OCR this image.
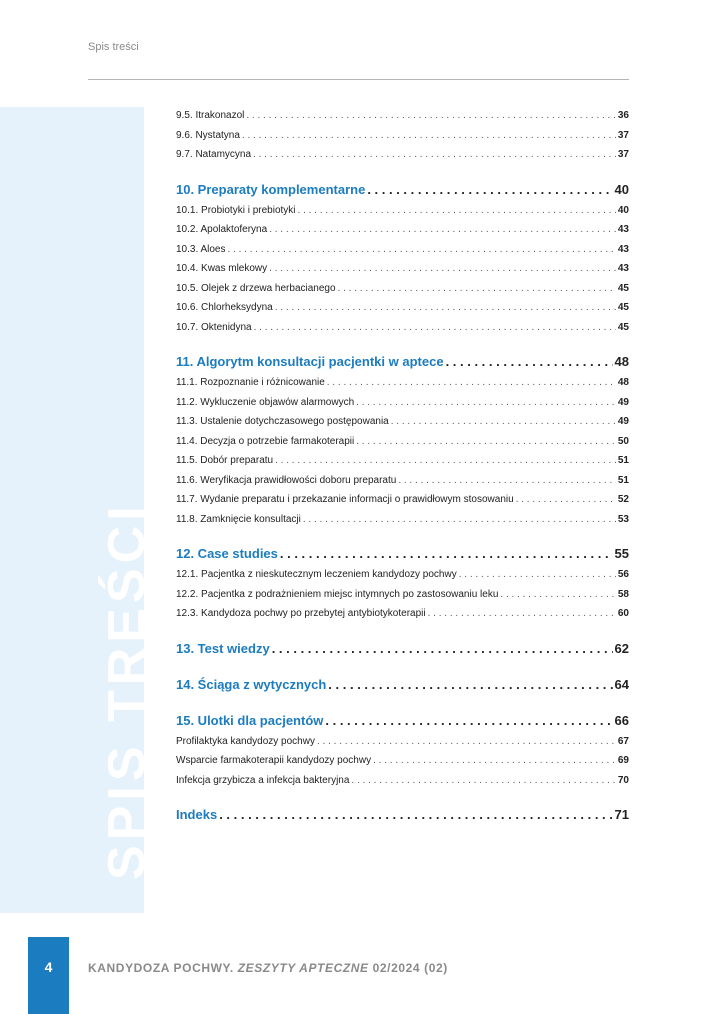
Spis treści
SPIS TREŚCI
9.5. Itrakonazol . . .	36
9.6. Nystatyna . . .	37
9.7. Natamycyna . . .	37
10. Preparaty komplementarne . . .	40
10.1. Probiotyki i prebiotyki . . .	40
10.2. Apolaktoferyna . . .	43
10.3. Aloes . . .	43
10.4. Kwas mlekowy . . .	43
10.5. Olejek z drzewa herbacianego . . .	45
10.6. Chlorheksydyna . . .	45
10.7. Oktenidyna . . .	45
11. Algorytm konsultacji pacjentki w aptece . . .	48
11.1. Rozpoznanie i różnicowanie . . .	48
11.2. Wykluczenie objawów alarmowych . . .	49
11.3. Ustalenie dotychczasowego postępowania . . .	49
11.4. Decyzja o potrzebie farmakoterapii . . .	50
11.5. Dobór preparatu . . .	51
11.6. Weryfikacja prawidłowości doboru preparatu . . .	51
11.7. Wydanie preparatu i przekazanie informacji o prawidłowym stosowaniu . . .	52
11.8. Zamknięcie konsultacji . . .	53
12. Case studies . . .	55
12.1. Pacjentka z nieskutecznym leczeniem kandydozy pochwy . . .	56
12.2. Pacjentka z podrażnieniem miejsc intymnych po zastosowaniu leku . . .	58
12.3. Kandydoza pochwy po przebytej antybiotykoterapii . . .	60
13. Test wiedzy . . .	62
14. Ściąga z wytycznych . . .	64
15. Ulotki dla pacjentów . . .	66
Profilaktyka kandydozy pochwy . . .	67
Wsparcie farmakoterapii kandydozy pochwy . . .	69
Infekcja grzybicza a infekcja bakteryjna . . .	70
Indeks . . .	71
4	KANDYDOZA POCHWY. ZESZYTY APTECZNE 02/2024 (02)
